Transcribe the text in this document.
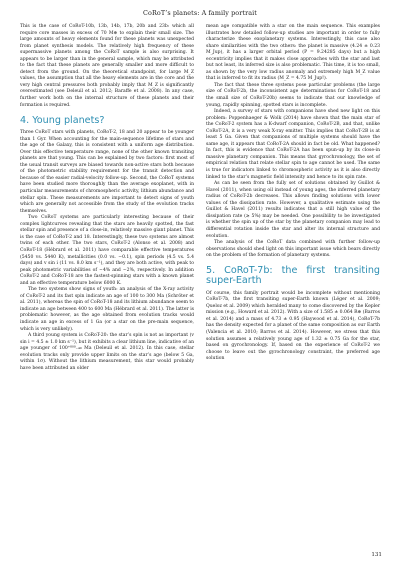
CoRoT’s planets: A family portrait

This is the case of CoRoT-10b, 13b, 14b, 17b, 20b and 23b: which all require core masses in excess of 70 M⊕ to explain their small size. The large amounts of heavy elements found for these planets was unexpected from planet synthesis models. The relatively high frequency of these supermassive planets among the CoRoT sample is also surprising. It appears to be larger than in the general sample, which may be attributed to the fact that these planets are generally smaller and more difficult to detect from the ground. On the theoretical standpoint, for large M_Z values, the assumption that all the heavy elements are in the core and the very high central pressures both probably imply that M_Z is significantly overestimated (see Deleuil et al. 2012; Baraffe et al. 2008). In any case, further work both on the internal structure of these planets and their formation is required.

4. Young planets?

Three CoRoT stars with planets, CoRoT-2, 18 and 20 appear to be younger than 1 Gyr. When accounting for the main-sequence lifetime of stars and the age of the Galaxy, this is consistent with a uniform age distribution. Over this effective temperature range, none of the other known transiting planets are that young. This can be explained by two factors: first most of the usual transit surveys are biased towards non-active stars both because of the photometric stability requirement for the transit detection and because of the easier radial-velocity follow-up. Second, the CoRoT systems have been studied more thoroughly than the average exoplanet, with in particular measurements of chromospheric activity, lithium abundance and stellar spin. These measurements are important to detect signs of youth which are generally not accessible from the study of the evolution tracks themselves.

Two CoRoT systems are particularly interesting because of their complex lightcurves revealing that the stars are heavily spotted, the fast stellar spin and presence of a close-in, relatively massive giant planet. This is the case of CoRoT-2 and 18. Interestingly, these two systems are almost twins of each other. The two stars, CoRoT-2 (Alonso et al. 2008) and CoRoT-18 (Hébrard et al. 2011) have comparable effective temperatures (5450 vs. 5440 K), metallicities (0.0 vs. −0.1), spin periods (4.5 vs. 5.4 days) and v sin i (11 vs. 8.0 km s⁻¹), and they are both active, with peak to peak photometric variabilities of ∼4% and ∼2%, respectively. In addition CoRoT-2 and CoRoT-18 are the fastest-spinning stars with a known planet and an effective temperature below 6000 K.

The two systems show signs of youth: an analysis of the X-ray activity of CoRoT-2 and its fast spin indicate an age of 100 to 300 Ma (Schröter et al. 2011), whereas the spin of CoRoT-18 and its lithium abundance seem to indicate an age between 400 to 600 Ma (Hébrard et al. 2011). The latter is problematic however, as the age obtained from evolution tracks would indicate an age in excess of 1 Ga (or a star on the pre-main sequence, which is very unlikely).

A third young system is CoRoT-20: the star’s spin is not as important (v sin i = 4.5 ± 1.0 km s⁻¹), but it exhibits a clear lithium line, indicative of an age younger of 100⁺⁸⁰⁰₋₄₀ Ma (Deleuil et al. 2012). In this case, stellar evolution tracks only provide upper limits on the star’s age (below 5 Ga, within 1σ). Without the lithium measurement, this star would probably have been attributed an older

mean age compatible with a star on the main sequence. This examples illustrates how detailed follow-up studies are important in order to fully characterize these exoplanetary systems. Interestingly, this case also share similarities with the two others: the planet is massive (4.24 ± 0.23 M_Jup), it has a larger orbital period (P = 9.24285 days) but a high eccentricity implies that it makes close approaches with the star and last but not least, its inferred size is also problematic. This time, it is too small, as shown by the very low radius anomaly and extremely high M_Z value that is inferred to fit its radius (M_Z = 4.75 M_Jup!).

The fact that these three systems pose particular problems (the large size of CoRoT-2b, the inconsistent age determinations for CoRoT-18 and the small size of CoRoT-20b) seems to indicate that our knowledge of young, rapidly spinning, spotted stars is incomplete.

Indeed, a survey of stars with companions have shed new light on this problem: Poppenhaeger & Wolk (2014) have shown that the main star of the CoRoT-2 system has a K-dwarf companion, CoRoT-2B, and that, unlike CoRoT-2A, it is a very weak X-ray emitter. This implies that CoRoT-2B is at least 5 Ga. Given that companions of multiple systems should have the same age, it appears that CoRoT-2A should in fact be old. What happened? In fact, this is evidence that CoRoT-2A has been spun-up by its close-in massive planetary companion. This means that gyrochronology, the set of empirical relation that relate stellar spin to age cannot be used. The same is true for indicators linked to chromospheric activity as it is also directly linked to the star’s magnetic field intensity and hence to its spin rate.

As can be seen from the fully set of solutions obtained by Guillot & Havel (2011), when using oil instead of young ages, the inferred planetary radius of CoRoT-2b decreases. This allows finding solutions with lower values of the dissipation rate. However, a qualitative estimate using the Guillot & Havel (2011) results indicates that a still high value of the dissipation rate (≳ 5%) may be needed. One possibility to be investigated is whether the spin up of the star by the planetary companion may lead to differential rotation inside the star and alter its internal structure and evolution.

The analysis of the CoRoT data combined with further follow-up observations should shed light on this important issue which bears directly on the problem of the formation of planetary systems.

5. CoRoT-7b: the first transiting super-Earth

Of course, this family portrait would be incomplete without mentioning CoRoT-7b, the first transiting super-Earth known (Léger et al. 2009; Queloz et al. 2009) which heralded many to come discovered by the Kepler mission (e.g., Howard et al. 2012). With a size of 1.585 ± 0.064 R⊕ (Barros et al. 2014) and a mass of 4.73 ± 0.95 (Haywood et al. 2014), CoRoT-7b has the density expected for a planet of the same composition as our Earth (Valencia et al. 2010; Barros et al. 2014). However, we stress that this solution assumes a relatively young age of 1.32 ± 0.75 Ga for the star, based on gyrochronology. If, based on the experience of CoRoT-2 we choose to leave out the gyrochronology constraint, the preferred age solution

131
